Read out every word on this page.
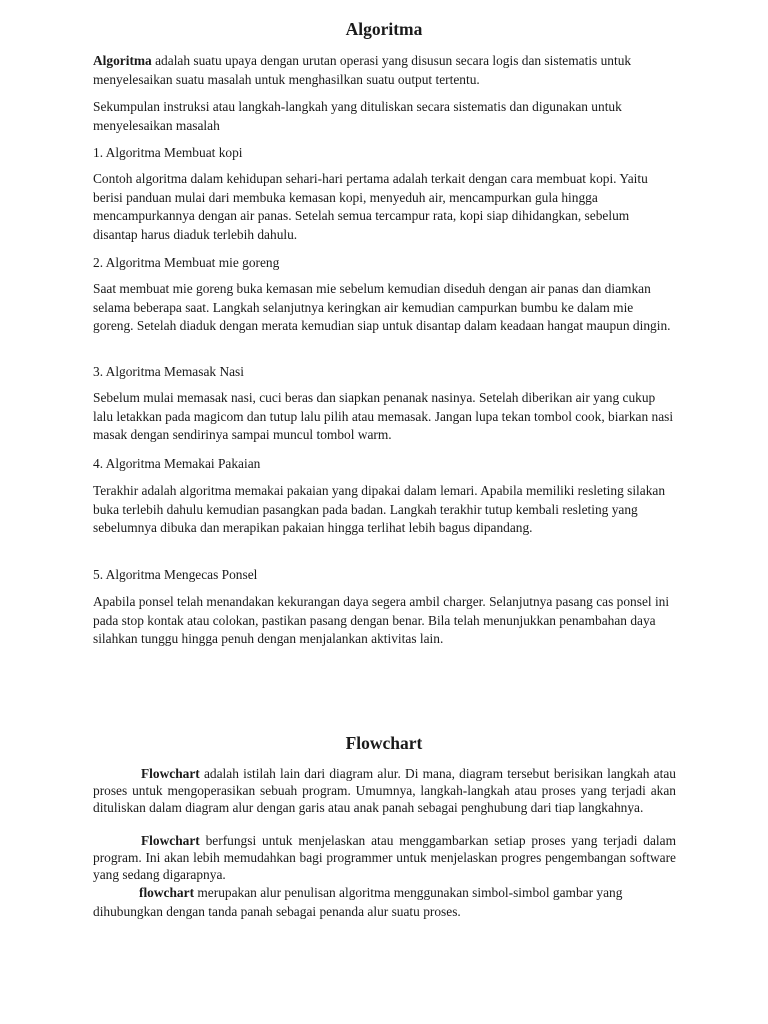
Algoritma

Algoritma adalah suatu upaya dengan urutan operasi yang disusun secara logis dan sistematis untuk menyelesaikan suatu masalah untuk menghasilkan suatu output tertentu.

Sekumpulan instruksi atau langkah-langkah yang dituliskan secara sistematis dan digunakan untuk menyelesaikan masalah

1. Algoritma Membuat kopi

Contoh algoritma dalam kehidupan sehari-hari pertama adalah terkait dengan cara membuat kopi. Yaitu berisi panduan mulai dari membuka kemasan kopi, menyeduh air, mencampurkan gula hingga mencampurkannya dengan air panas. Setelah semua tercampur rata, kopi siap dihidangkan, sebelum disantap harus diaduk terlebih dahulu.

2. Algoritma Membuat mie goreng

Saat membuat mie goreng buka kemasan mie sebelum kemudian diseduh dengan air panas dan diamkan selama beberapa saat. Langkah selanjutnya keringkan air kemudian campurkan bumbu ke dalam mie goreng. Setelah diaduk dengan merata kemudian siap untuk disantap dalam keadaan hangat maupun dingin.

3. Algoritma Memasak Nasi

Sebelum mulai memasak nasi, cuci beras dan siapkan penanak nasinya. Setelah diberikan air yang cukup lalu letakkan pada magicom dan tutup lalu pilih atau memasak. Jangan lupa tekan tombol cook, biarkan nasi masak dengan sendirinya sampai muncul tombol warm.

4. Algoritma Memakai Pakaian

Terakhir adalah algoritma memakai pakaian yang dipakai dalam lemari. Apabila memiliki resleting silakan buka terlebih dahulu kemudian pasangkan pada badan. Langkah terakhir tutup kembali resleting yang sebelumnya dibuka dan merapikan pakaian hingga terlihat lebih bagus dipandang.

5. Algoritma Mengecas Ponsel

Apabila ponsel telah menandakan kekurangan daya segera ambil charger. Selanjutnya pasang cas ponsel ini pada stop kontak atau colokan, pastikan pasang dengan benar. Bila telah menunjukkan penambahan daya silahkan tunggu hingga penuh dengan menjalankan aktivitas lain.

Flowchart

Flowchart adalah istilah lain dari diagram alur. Di mana, diagram tersebut berisikan langkah atau proses untuk mengoperasikan sebuah program. Umumnya, langkah-langkah atau proses yang terjadi akan dituliskan dalam diagram alur dengan garis atau anak panah sebagai penghubung dari tiap langkahnya.

Flowchart berfungsi untuk menjelaskan atau menggambarkan setiap proses yang terjadi dalam program. Ini akan lebih memudahkan bagi programmer untuk menjelaskan progres pengembangan software yang sedang digarapnya.

flowchart merupakan alur penulisan algoritma menggunakan simbol-simbol gambar yang dihubungkan dengan tanda panah sebagai penanda alur suatu proses.
